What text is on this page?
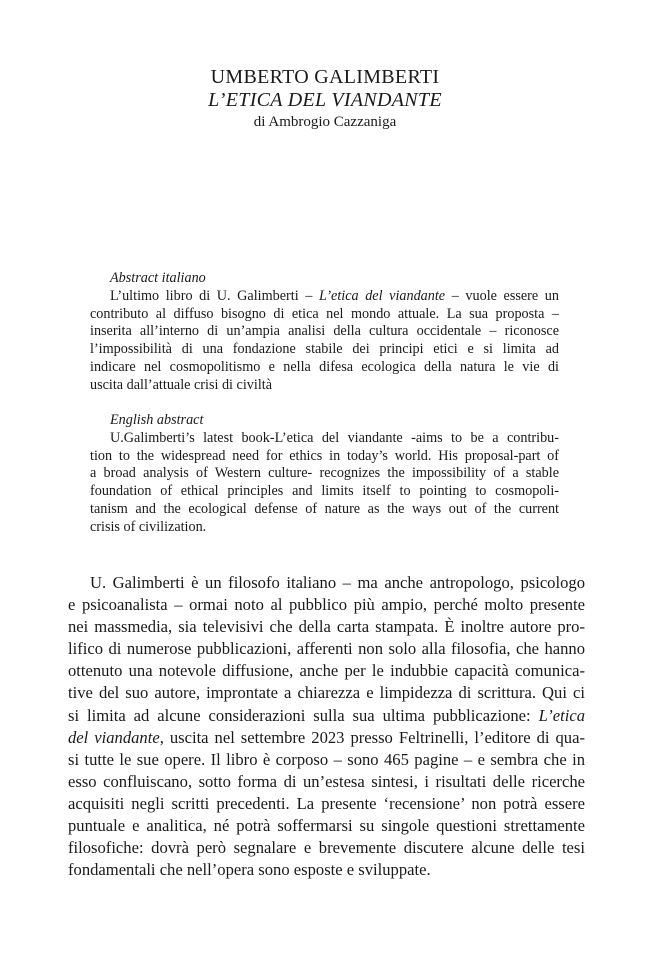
UMBERTO GALIMBERTI
L’ETICA DEL VIANDANTE
di Ambrogio Cazzaniga

Abstract italiano

L’ultimo libro di U. Galimberti – L’etica del viandante – vuole essere un
contributo al diffuso bisogno di etica nel mondo attuale. La sua proposta –
inserita all’interno di un’ampia analisi della cultura occidentale – riconosce
l’impossibilità di una fondazione stabile dei principi etici e si limita ad
indicare nel cosmopolitismo e nella difesa ecologica della natura le vie di
uscita dall’attuale crisi di civiltà

English abstract

U.Galimberti’s latest book-L’etica del viandante -aims to be a contribu-
tion to the widespread need for ethics in today’s world. His proposal-part of
a broad analysis of Western culture- recognizes the impossibility of a stable
foundation of ethical principles and limits itself to pointing to cosmopoli-
tanism and the ecological defense of nature as the ways out of the current
crisis of civilization.
U. Galimberti è un filosofo italiano – ma anche antropologo, psicologo
e psicoanalista – ormai noto al pubblico più ampio, perché molto presente
nei massmedia, sia televisivi che della carta stampata. È inoltre autore pro-
lifico di numerose pubblicazioni, afferenti non solo alla filosofia, che hanno
ottenuto una notevole diffusione, anche per le indubbie capacità comunica-
tive del suo autore, improntate a chiarezza e limpidezza di scrittura. Qui ci
si limita ad alcune considerazioni sulla sua ultima pubblicazione: L’etica
del viandante, uscita nel settembre 2023 presso Feltrinelli, l’editore di qua-
si tutte le sue opere. Il libro è corposo – sono 465 pagine – e sembra che in
esso confluiscano, sotto forma di un’estesa sintesi, i risultati delle ricerche
acquisiti negli scritti precedenti. La presente ‘recensione’ non potrà essere
puntuale e analitica, né potrà soffermarsi su singole questioni strettamente
filosofiche: dovrà però segnalare e brevemente discutere alcune delle tesi
fondamentali che nell’opera sono esposte e sviluppate.
